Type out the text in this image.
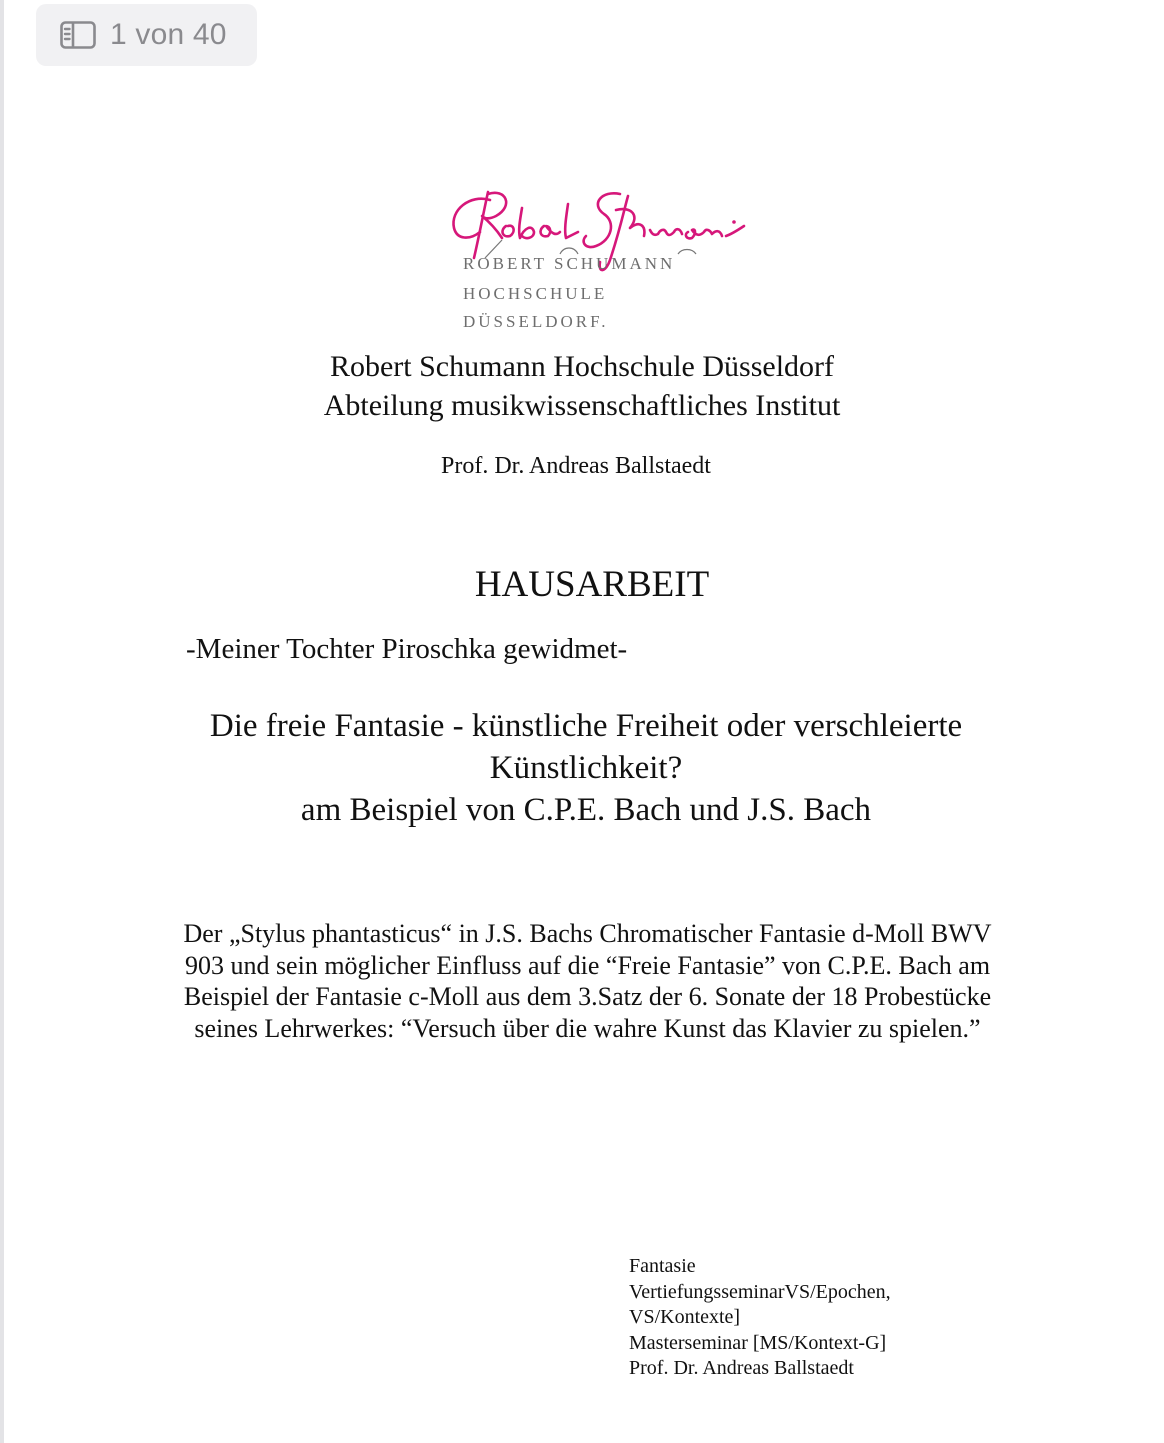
1 von 40
ROBERT SCHUMANN
HOCHSCHULE
DÜSSELDORF.
Robert Schumann Hochschule Düsseldorf
Abteilung musikwissenschaftliches Institut
Prof. Dr. Andreas Ballstaedt
HAUSARBEIT
-Meiner Tochter Piroschka gewidmet-
Die freie Fantasie - künstliche Freiheit oder verschleierte
Künstlichkeit?
am Beispiel von C.P.E. Bach und J.S. Bach
Der „Stylus phantasticus“ in J.S. Bachs Chromatischer Fantasie d-Moll BWV
903 und sein möglicher Einfluss auf die “Freie Fantasie” von C.P.E. Bach am
Beispiel der Fantasie c-Moll aus dem 3.Satz der 6. Sonate der 18 Probestücke
seines Lehrwerkes: “Versuch über die wahre Kunst das Klavier zu spielen.”
Fantasie
VertiefungsseminarVS/Epochen,
VS/Kontexte]
Masterseminar [MS/Kontext-G]
Prof. Dr. Andreas Ballstaedt
